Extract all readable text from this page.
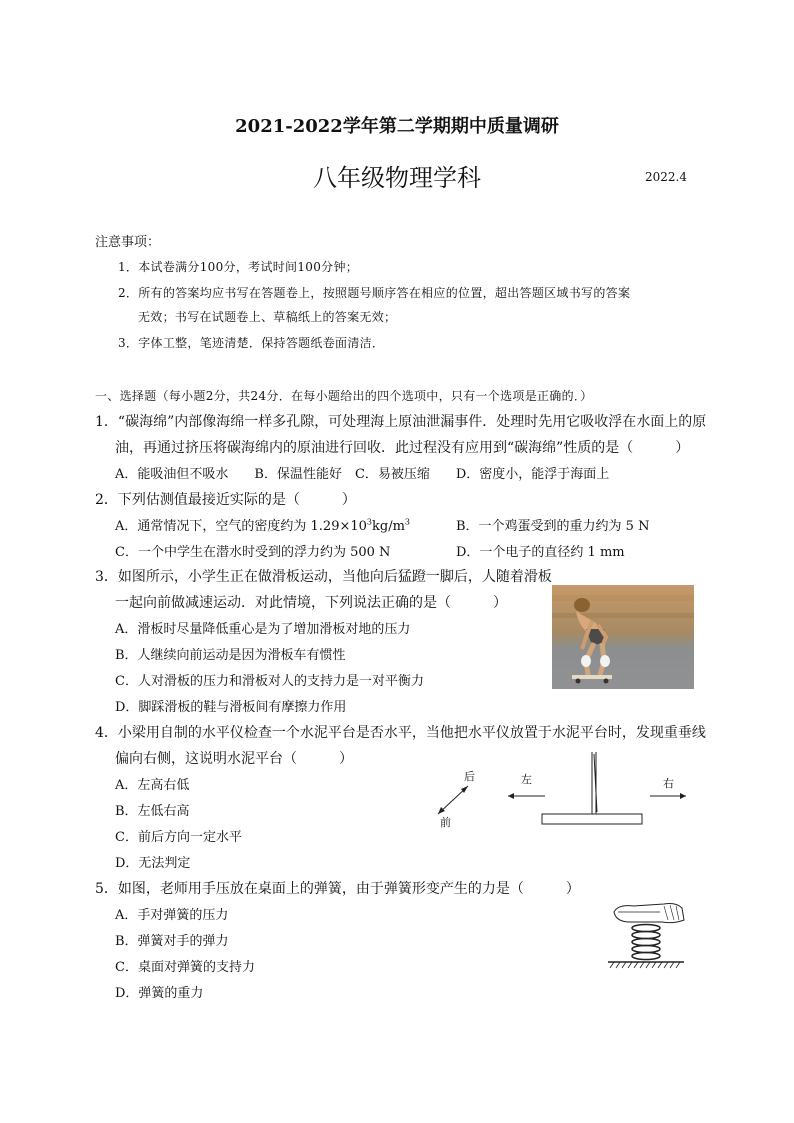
2021-2022学年第二学期期中质量调研
八年级物理学科	2022.4
注意事项：
1．本试卷满分100分，考试时间100分钟；
2．所有的答案均应书写在答题卷上，按照题号顺序答在相应的位置，超出答题区域书写的答案
无效；书写在试题卷上、草稿纸上的答案无效；
3．字体工整，笔迹清楚．保持答题纸卷面清洁．
一、选择题（每小题2分，共24分．在每小题给出的四个选项中，只有一个选项是正确的．）
1．“碳海绵”内部像海绵一样多孔隙，可处理海上原油泄漏事件．处理时先用它吸收浮在水面上的原
油，再通过挤压将碳海绵内的原油进行回收．此过程没有应用到“碳海绵”性质的是（　　　）
A．能吸油但不吸水　　B．保温性能好　C．易被压缩　　D．密度小，能浮于海面上
2．下列估测值最接近实际的是（　　　）
A．通常情况下，空气的密度约为 $1.29\times 10^3kg/m^3$	B．一个鸡蛋受到的重力约为 5 N
C．一个中学生在潜水时受到的浮力约为 500 N	D．一个电子的直径约 1 mm
3．如图所示，小学生正在做滑板运动，当他向后猛蹬一脚后，人随着滑板
一起向前做减速运动．对此情境，下列说法正确的是（　　　）
A．滑板时尽量降低重心是为了增加滑板对地的压力
B．人继续向前运动是因为滑板车有惯性
C．人对滑板的压力和滑板对人的支持力是一对平衡力
D．脚踩滑板的鞋与滑板间有摩擦力作用
4．小梁用自制的水平仪检查一个水泥平台是否水平，当他把水平仪放置于水泥平台时，发现重垂线
偏向右侧，这说明水泥平台（　　　）
A．左高右低
B．左低右高
C．前后方向一定水平
D．无法判定
后
前
左	右
5．如图，老师用手压放在桌面上的弹簧，由于弹簧形变产生的力是（　　　）
A．手对弹簧的压力
B．弹簧对手的弹力
C．桌面对弹簧的支持力
D．弹簧的重力
